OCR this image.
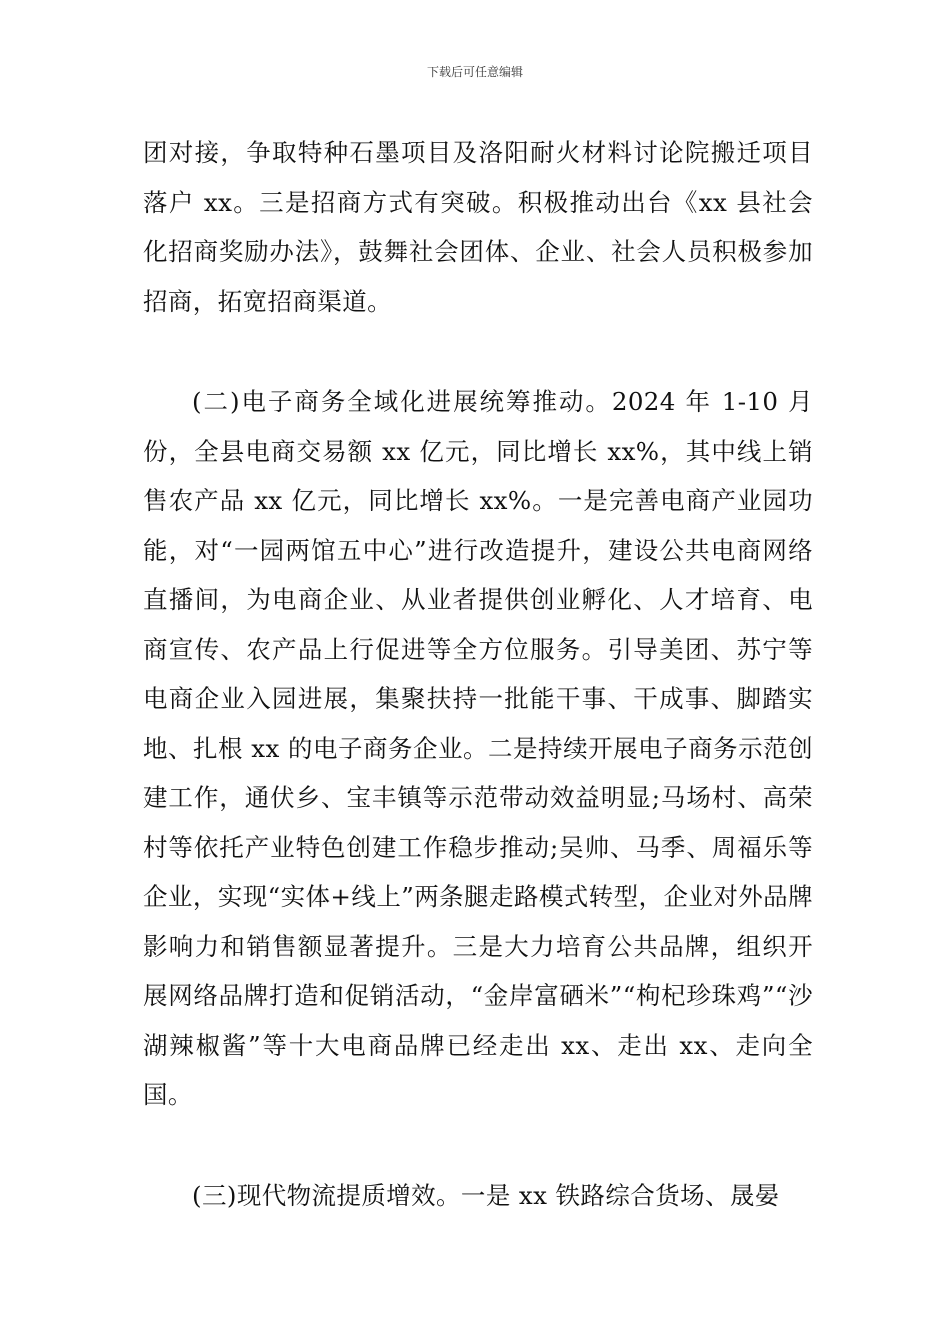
下载后可任意编辑

团对接，争取特种石墨项目及洛阳耐火材料讨论院搬迁项目落户 xx。三是招商方式有突破。积极推动出台《xx 县社会化招商奖励办法》，鼓舞社会团体、企业、社会人员积极参加招商，拓宽招商渠道。

(二)电子商务全域化进展统筹推动。2024 年 1-10 月份，全县电商交易额 xx 亿元，同比增长 xx%，其中线上销售农产品 xx 亿元，同比增长 xx%。一是完善电商产业园功能，对“一园两馆五中心”进行改造提升，建设公共电商网络直播间，为电商企业、从业者提供创业孵化、人才培育、电商宣传、农产品上行促进等全方位服务。引导美团、苏宁等电商企业入园进展，集聚扶持一批能干事、干成事、脚踏实地、扎根 xx 的电子商务企业。二是持续开展电子商务示范创建工作，通伏乡、宝丰镇等示范带动效益明显;马场村、高荣村等依托产业特色创建工作稳步推动;吴帅、马季、周福乐等企业，实现“实体+线上”两条腿走路模式转型，企业对外品牌影响力和销售额显著提升。三是大力培育公共品牌，组织开展网络品牌打造和促销活动，“金岸富硒米”“枸杞珍珠鸡”“沙湖辣椒酱”等十大电商品牌已经走出 xx、走出 xx、走向全国。

(三)现代物流提质增效。一是 xx 铁路综合货场、晟晏
